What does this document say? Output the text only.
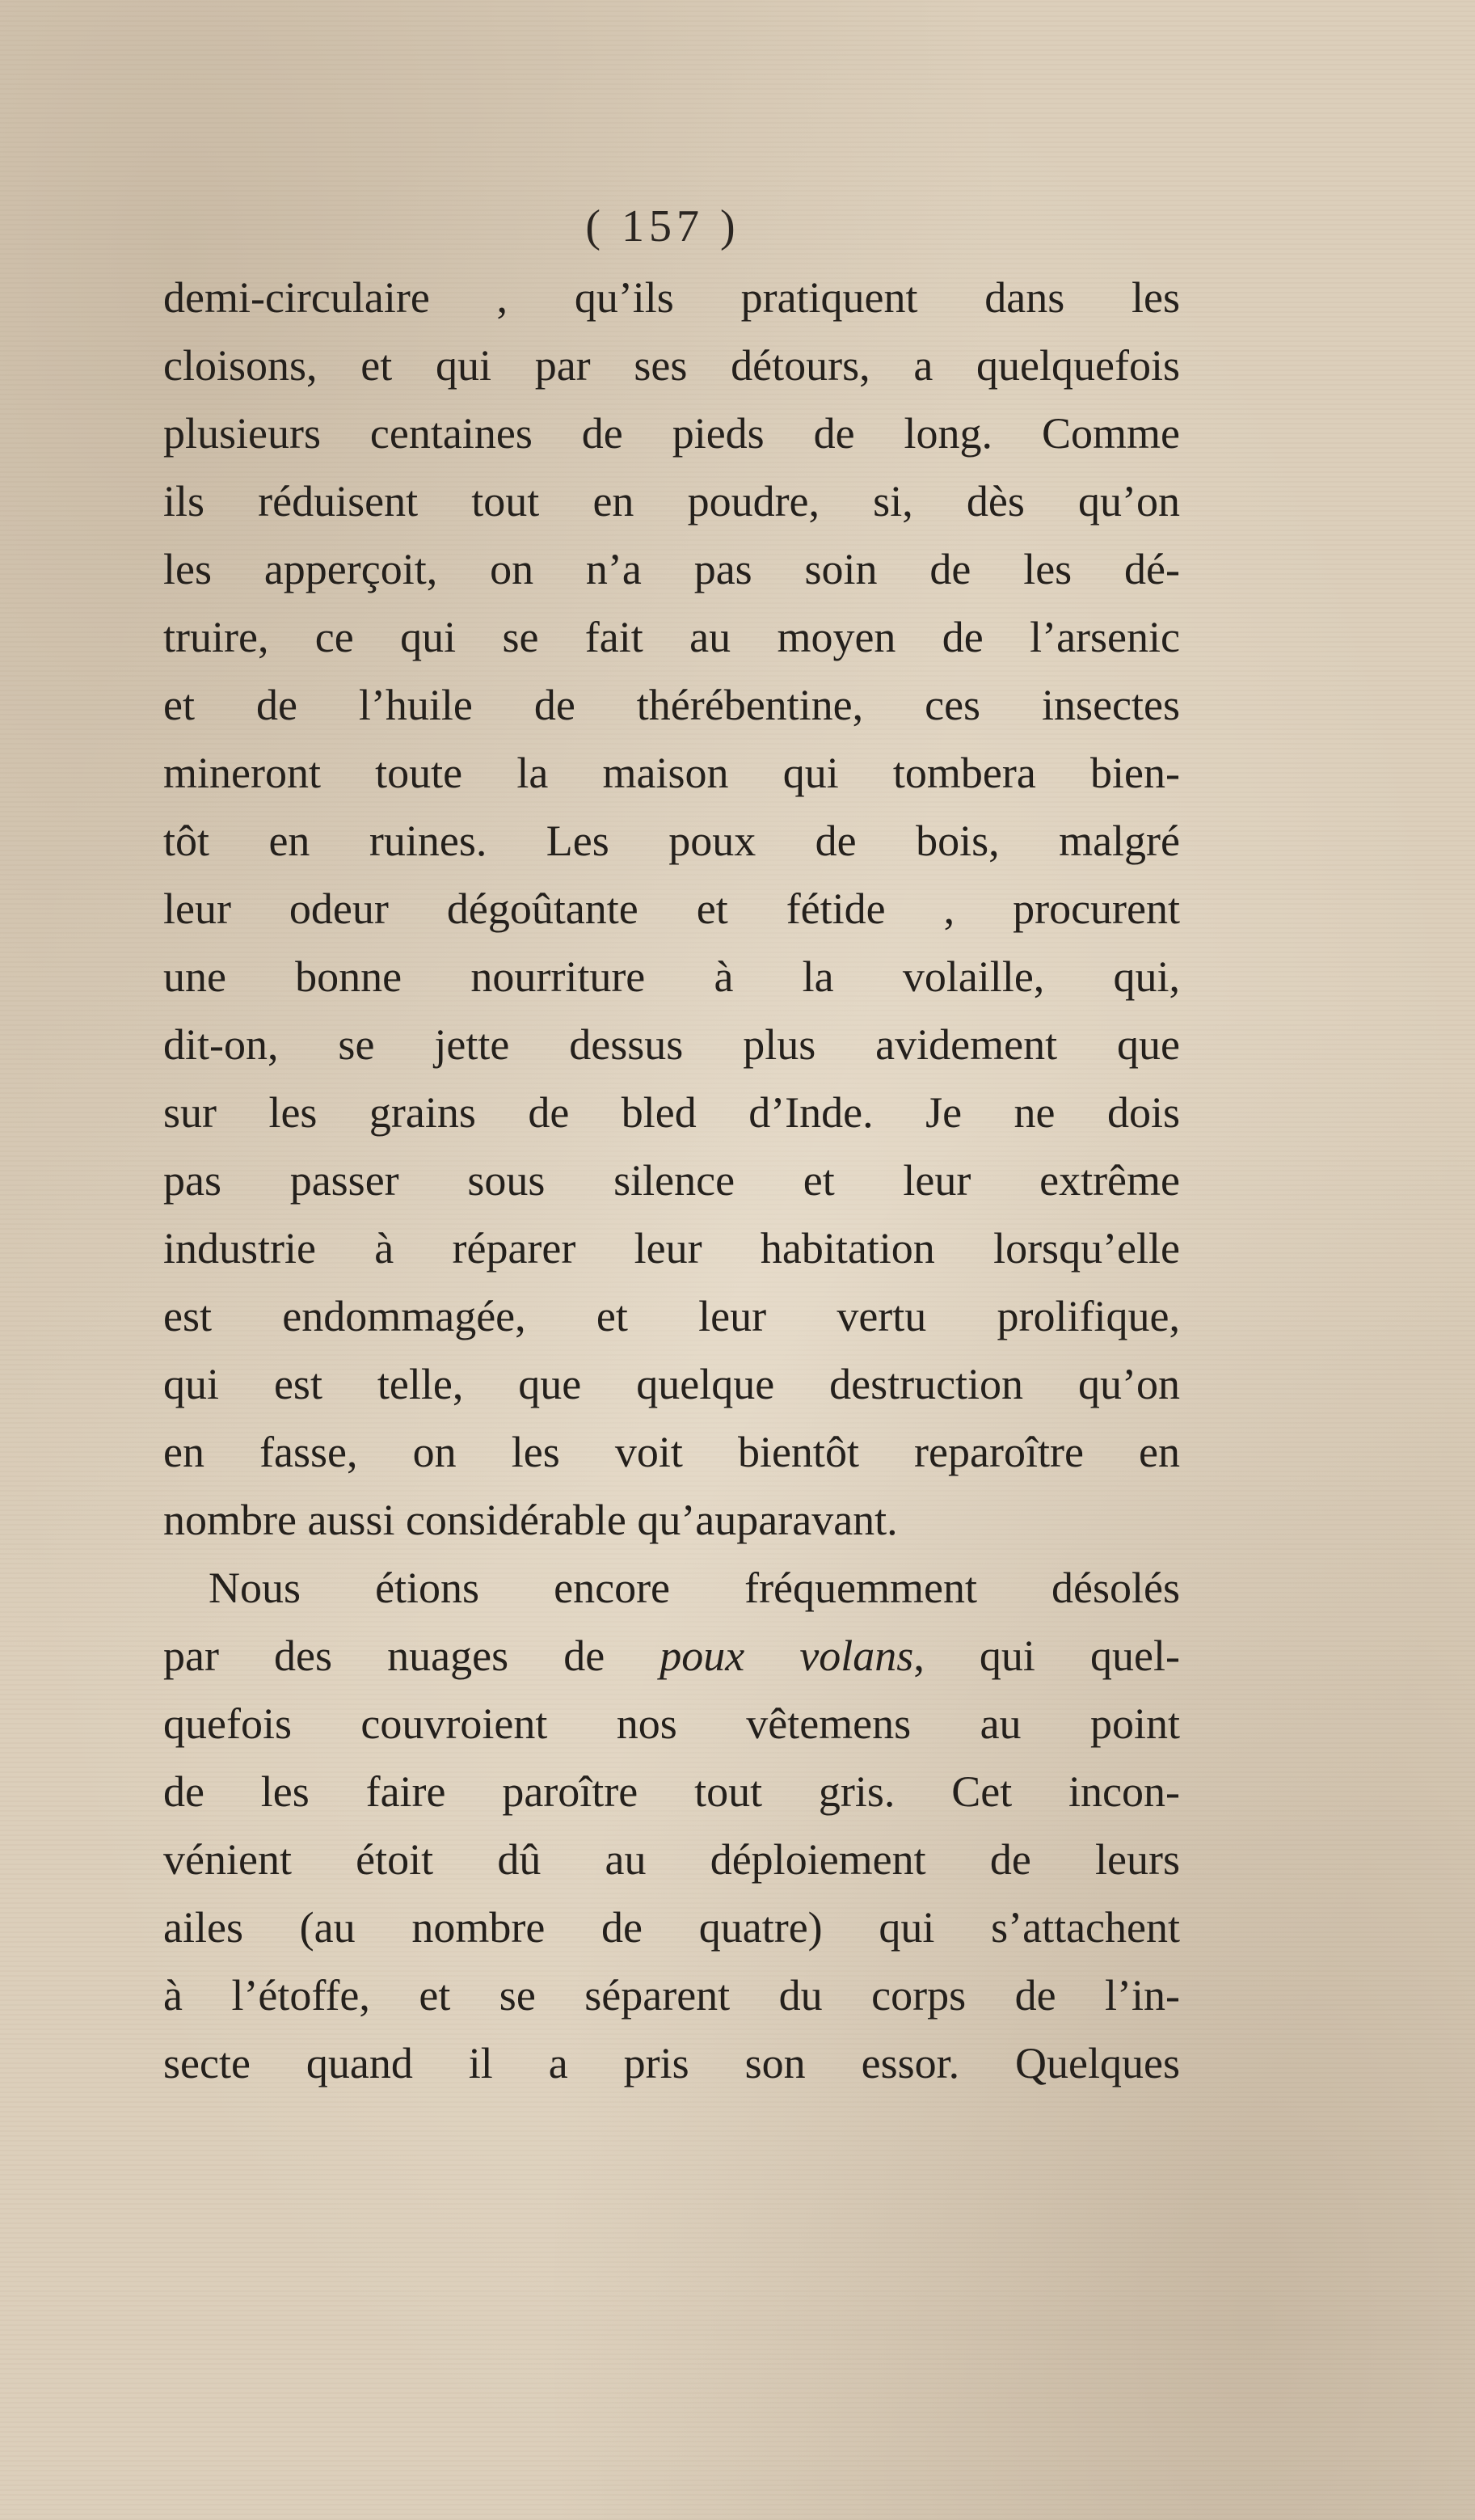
( 157 )
demi-circulaire , qu’ils pratiquent dans les
cloisons, et qui par ses détours, a quelquefois
plusieurs centaines de pieds de long. Comme
ils réduisent tout en poudre, si, dès qu’on
les apperçoit, on n’a pas soin de les dé-
truire, ce qui se fait au moyen de l’arsenic
et de l’huile de thérébentine, ces insectes
mineront toute la maison qui tombera bien-
tôt en ruines. Les poux de bois, malgré
leur odeur dégoûtante et fétide , procurent
une bonne nourriture à la volaille, qui,
dit-on, se jette dessus plus avidement que
sur les grains de bled d’Inde. Je ne dois
pas passer sous silence et leur extrême
industrie à réparer leur habitation lorsqu’elle
est endommagée, et leur vertu prolifique,
qui est telle, que quelque destruction qu’on
en fasse, on les voit bientôt reparoître en
nombre aussi considérable qu’auparavant.
Nous étions encore fréquemment désolés
par des nuages de poux volans, qui quel-
quefois couvroient nos vêtemens au point
de les faire paroître tout gris. Cet incon-
vénient étoit dû au déploiement de leurs
ailes (au nombre de quatre) qui s’attachent
à l’étoffe, et se séparent du corps de l’in-
secte quand il a pris son essor. Quelques
